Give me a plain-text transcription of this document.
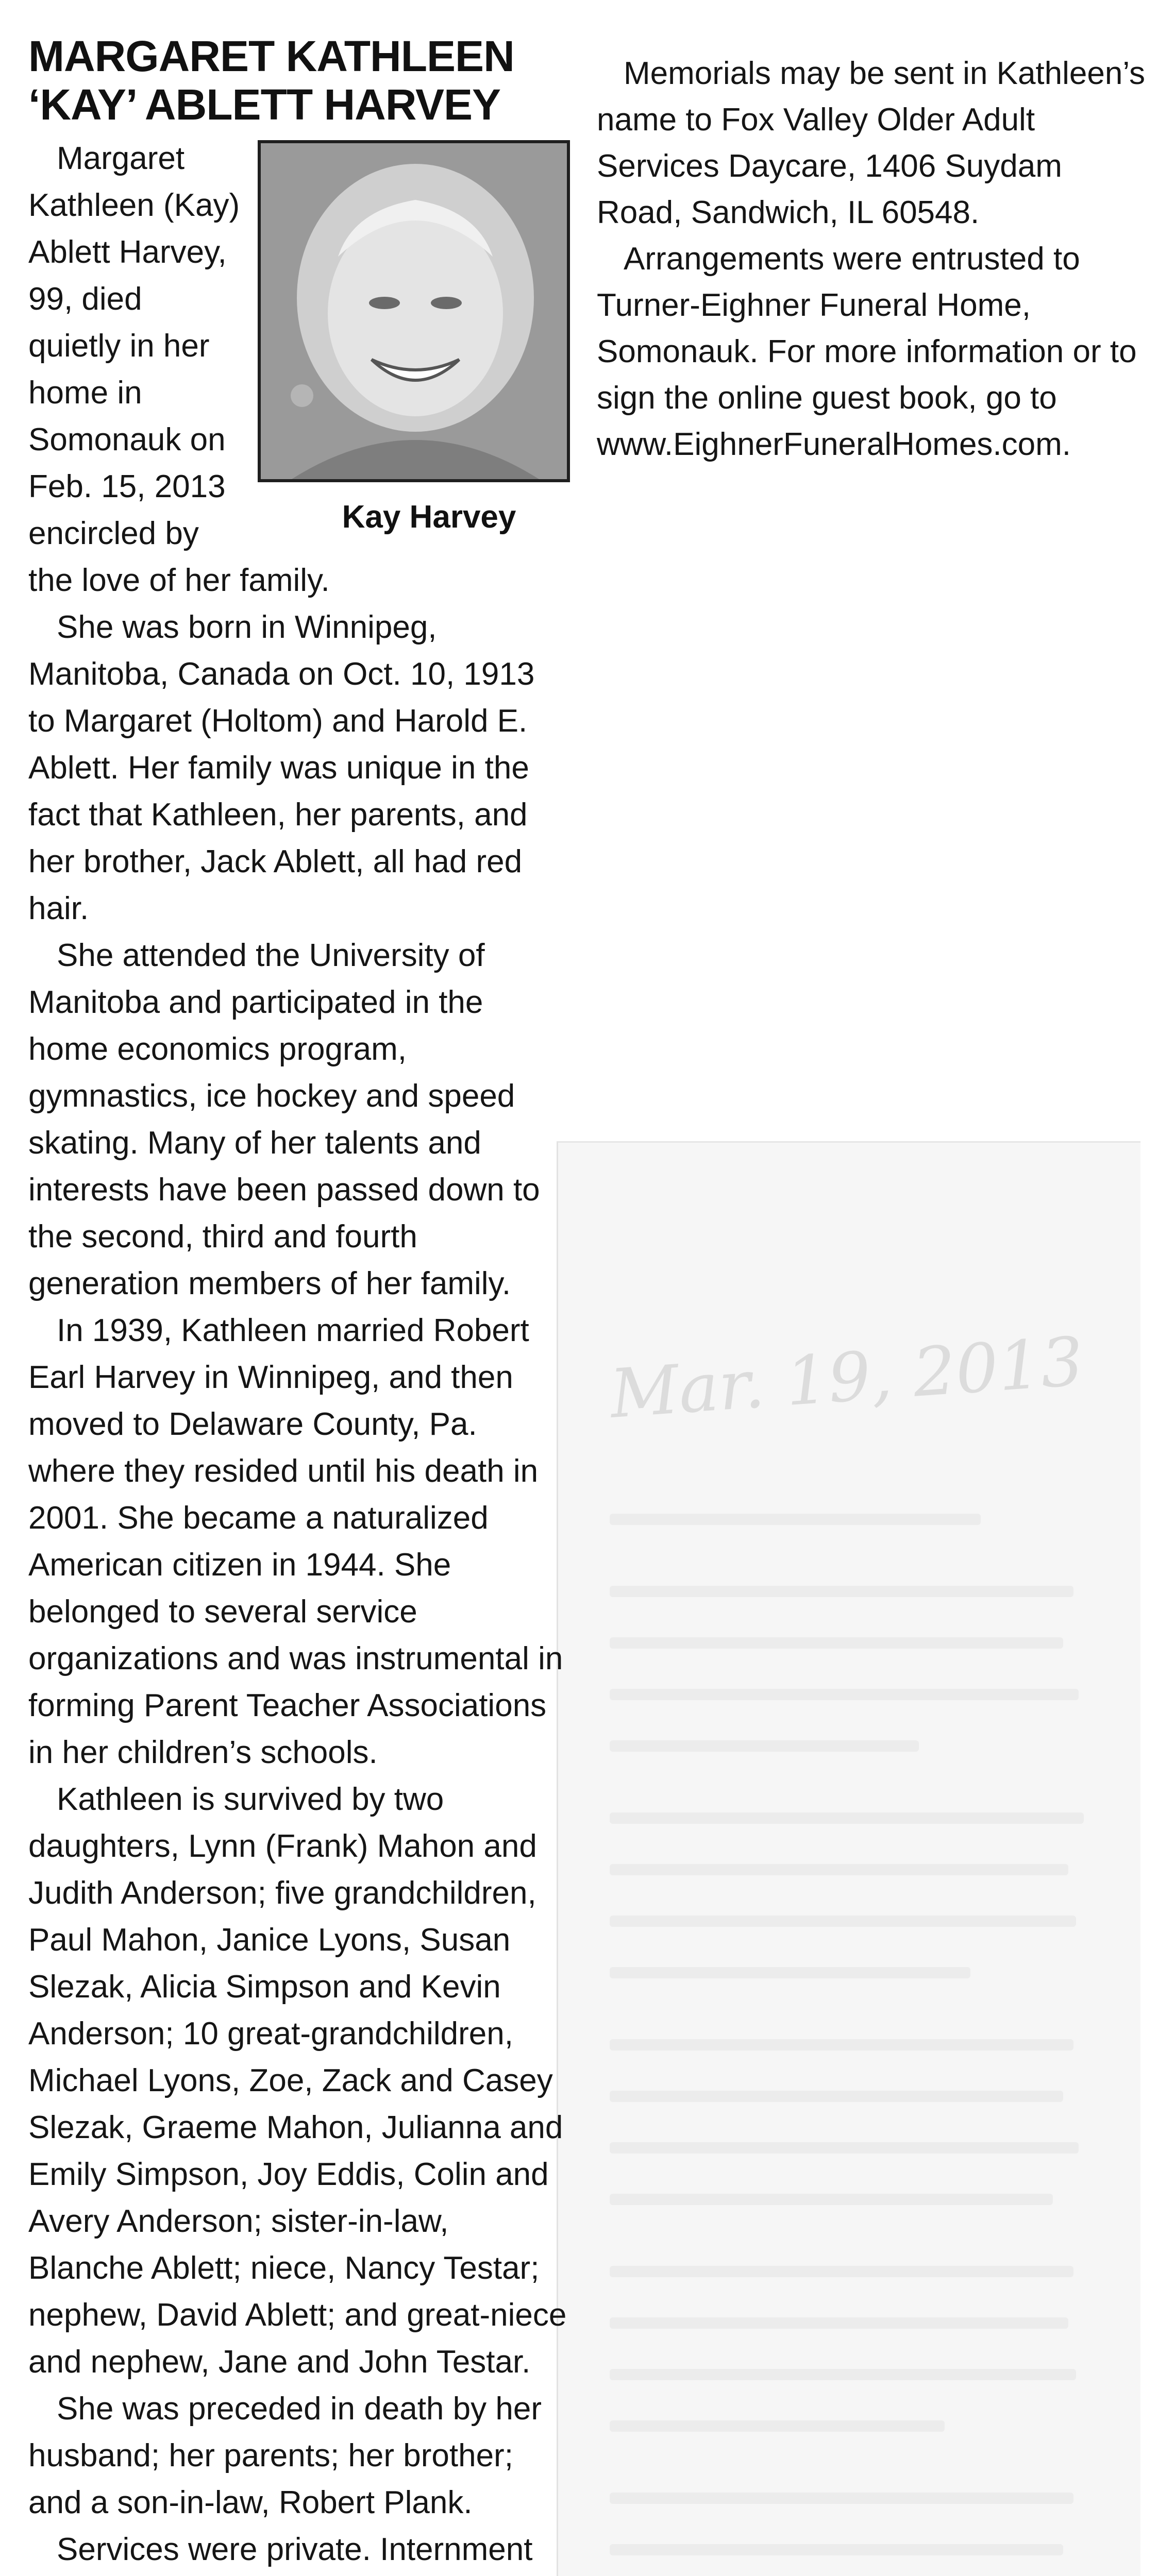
Mar. 19, 2013
MARGARET KATHLEEN
‘KAY’ ABLETT HARVEY
Kay Harvey

Margaret Kathleen (Kay) Ablett Harvey, 99, died quietly in her home in Somonauk on Feb. 15, 2013 encircled by the love of her family.

She was born in Winnipeg, Manitoba, Canada on Oct. 10, 1913 to Margaret (Holtom) and Harold E. Ablett. Her family was unique in the fact that Kathleen, her parents, and her brother, Jack Ablett, all had red hair.

She attended the University of Manitoba and participated in the home economics program, gymnastics, ice hockey and speed skating. Many of her talents and interests have been passed down to the second, third and fourth generation members of her family.

In 1939, Kathleen married Robert Earl Harvey in Winnipeg, and then moved to Delaware County, Pa. where they resided until his death in 2001. She became a naturalized American citizen in 1944. She belonged to several service organizations and was instrumental in forming Parent Teacher Associations in her children’s schools.

Kathleen is survived by two daughters, Lynn (Frank) Mahon and Judith Anderson; five grandchildren, Paul Mahon, Janice Lyons, Susan Slezak, Alicia Simpson and Kevin Anderson; 10 great-grandchildren, Michael Lyons, Zoe, Zack and Casey Slezak, Graeme Mahon, Julianna and Emily Simpson, Joy Eddis, Colin and Avery Anderson; sister-in-law, Blanche Ablett; niece, Nancy Testar; nephew, David Ablett; and great-niece and nephew, Jane and John Testar.

She was preceded in death by her husband; her parents; her brother; and a son-in-law, Robert Plank.

Services were private. Internment

Memorials may be sent in Kathleen’s name to Fox Valley Older Adult Services Daycare, 1406 Suydam Road, Sandwich, IL 60548.

Arrangements were entrusted to Turner-Eighner Funeral Home, Somonauk. For more information or to sign the online guest book, go to www.EighnerFuneralHomes.com.
